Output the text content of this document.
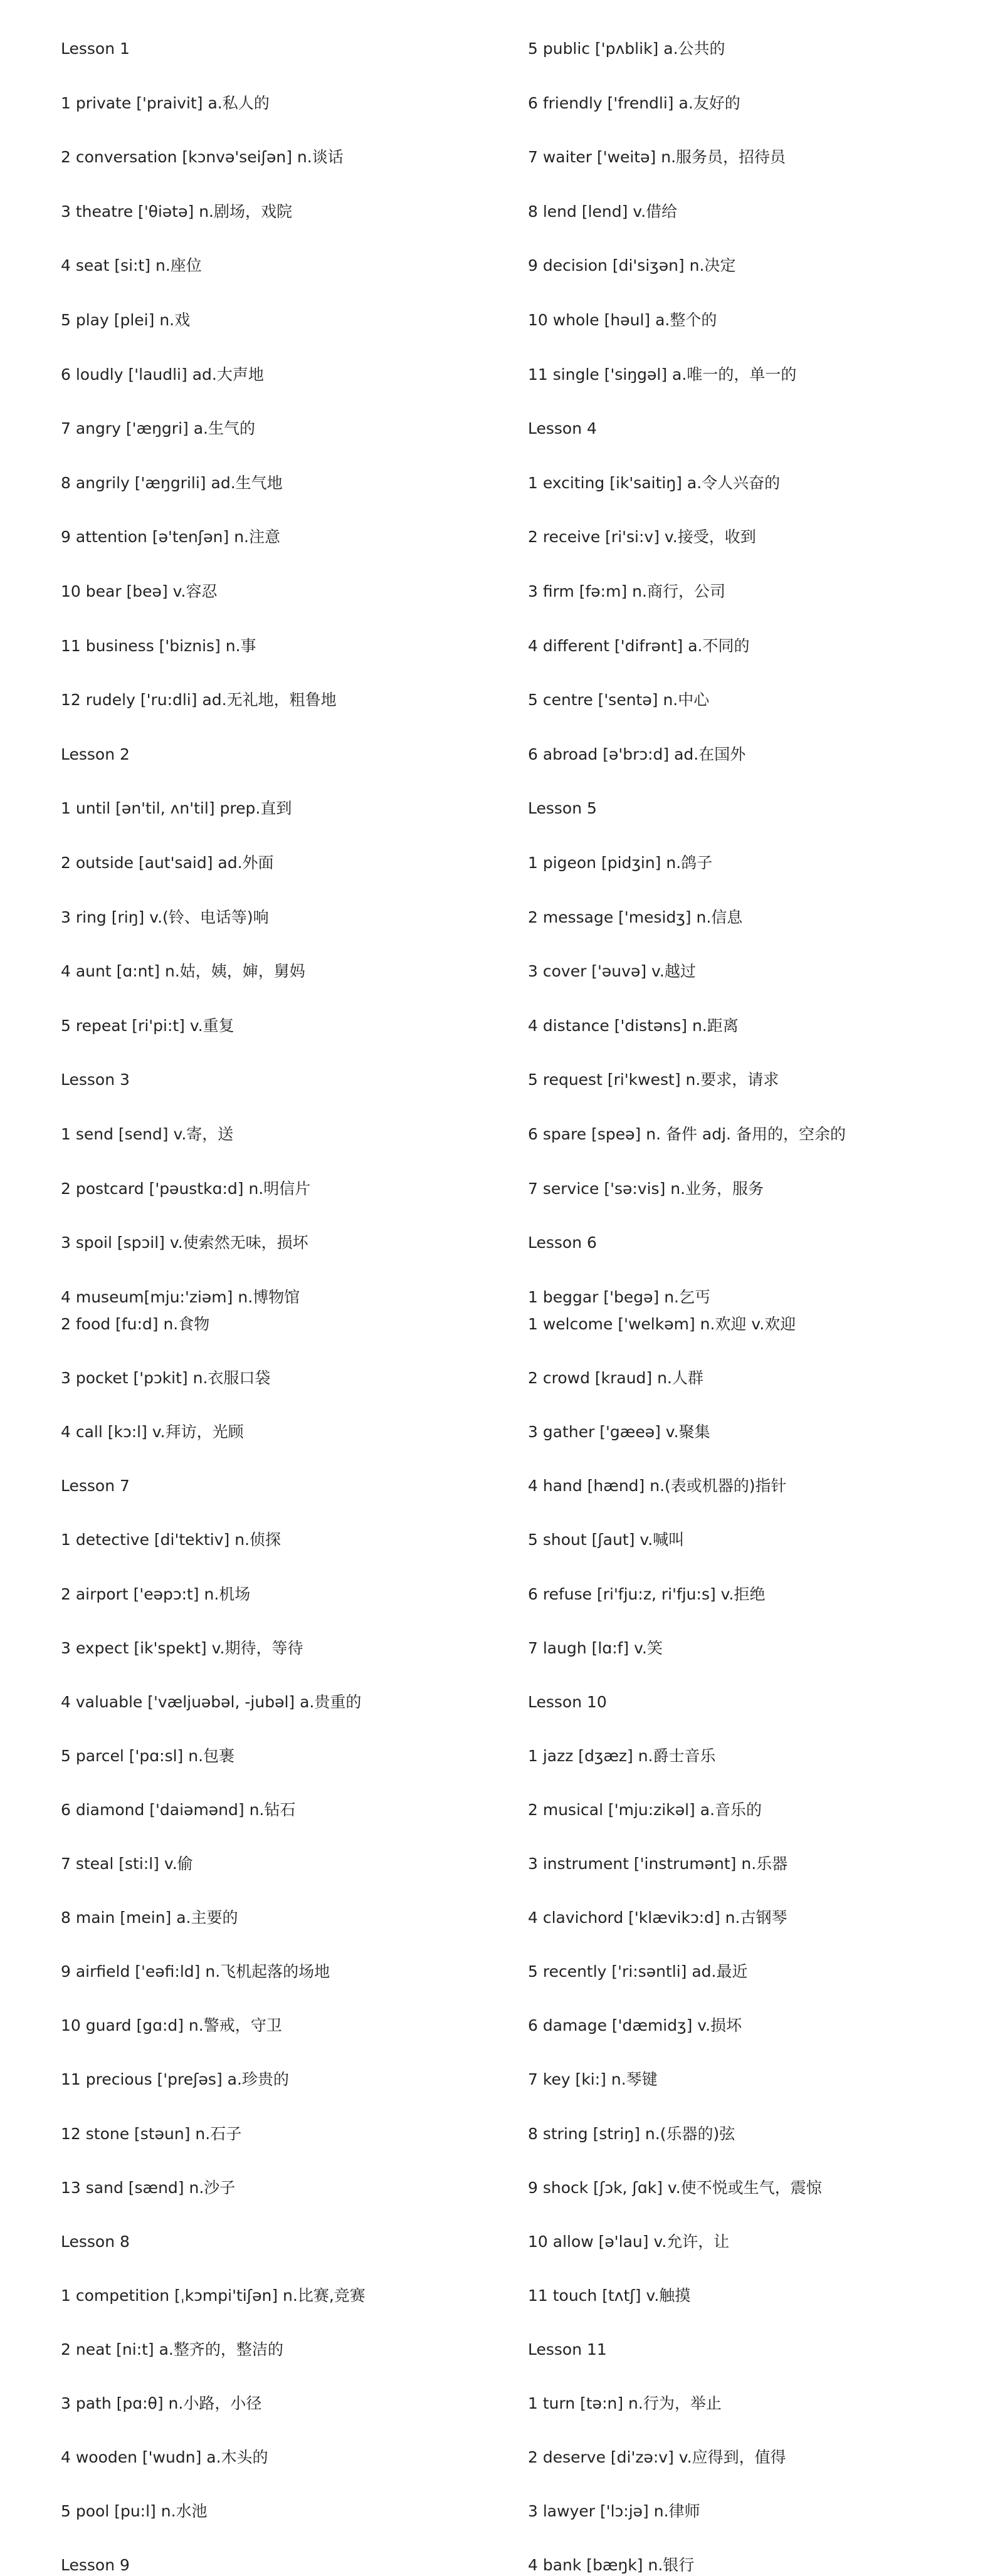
Lesson 1
1 private ['praivit] a.私人的
2 conversation [kɔnvə'seiʃən] n.谈话
3 theatre ['θiətə] n.剧场，戏院
4 seat [si:t] n.座位
5 play [plei] n.戏
6 loudly ['laudli] ad.大声地
7 angry ['æŋgri] a.生气的
8 angrily ['æŋgrili] ad.生气地
9 attention [ə'tenʃən] n.注意
10 bear [beə] v.容忍
11 business ['biznis] n.事
12 rudely ['ru:dli] ad.无礼地，粗鲁地
Lesson 2
1 until [ən'til, ʌn'til] prep.直到
2 outside [aut'said] ad.外面
3 ring [riŋ] v.(铃、电话等)响
4 aunt [ɑ:nt] n.姑，姨，婶，舅妈
5 repeat [ri'pi:t] v.重复
Lesson 3
1 send [send] v.寄，送
2 postcard ['pəustkɑ:d] n.明信片
3 spoil [spɔil] v.使索然无味，损坏
4 museum[mju:'ziəm] n.博物馆
2 food [fu:d] n.食物
3 pocket ['pɔkit] n.衣服口袋
4 call [kɔ:l] v.拜访，光顾
Lesson 7
1 detective [di'tektiv] n.侦探
2 airport ['eəpɔ:t] n.机场
3 expect [ik'spekt] v.期待，等待
4 valuable ['væljuəbəl, -jubəl] a.贵重的
5 parcel ['pɑ:sl] n.包裹
6 diamond ['daiəmənd] n.钻石
7 steal [sti:l] v.偷
8 main [mein] a.主要的
9 airfield ['eəfi:ld] n.飞机起落的场地
10 guard [gɑ:d] n.警戒，守卫
11 precious ['preʃəs] a.珍贵的
12 stone [stəun] n.石子
13 sand [sænd] n.沙子
Lesson 8
1 competition [ˌkɔmpi'tiʃən] n.比赛,竞赛
2 neat [ni:t] a.整齐的，整洁的
3 path [pɑ:θ] n.小路，小径
4 wooden ['wudn] a.木头的
5 pool [pu:l] n.水池
Lesson 9
5 public ['pʌblik] a.公共的
6 friendly ['frendli] a.友好的
7 waiter ['weitə] n.服务员，招待员
8 lend [lend] v.借给
9 decision [di'siʒən] n.决定
10 whole [həul] a.整个的
11 single ['siŋgəl] a.唯一的，单一的
Lesson 4
1 exciting [ik'saitiŋ] a.令人兴奋的
2 receive [ri'si:v] v.接受，收到
3 firm [fə:m] n.商行，公司
4 different ['difrənt] a.不同的
5 centre ['sentə] n.中心
6 abroad [ə'brɔ:d] ad.在国外
Lesson 5
1 pigeon [pidʒin] n.鸽子
2 message ['mesidʒ] n.信息
3 cover ['əuvə] v.越过
4 distance ['distəns] n.距离
5 request [ri'kwest] n.要求，请求
6 spare [speə] n. 备件 adj. 备用的，空余的
7 service ['sə:vis] n.业务，服务
Lesson 6
1 beggar ['begə] n.乞丐
1 welcome ['welkəm] n.欢迎 v.欢迎
2 crowd [kraud] n.人群
3 gather ['gæeə] v.聚集
4 hand [hænd] n.(表或机器的)指针
5 shout [ʃaut] v.喊叫
6 refuse [ri'fju:z, ri'fju:s] v.拒绝
7 laugh [lɑ:f] v.笑
Lesson 10
1 jazz [dʒæz] n.爵士音乐
2 musical ['mju:zikəl] a.音乐的
3 instrument ['instrumənt] n.乐器
4 clavichord ['klævikɔ:d] n.古钢琴
5 recently ['ri:səntli] ad.最近
6 damage ['dæmidʒ] v.损坏
7 key [ki:] n.琴键
8 string [striŋ] n.(乐器的)弦
9 shock [ʃɔk, ʃɑk] v.使不悦或生气，震惊
10 allow [ə'lau] v.允许，让
11 touch [tʌtʃ] v.触摸
Lesson 11
1 turn [tə:n] n.行为，举止
2 deserve [di'zə:v] v.应得到，值得
3 lawyer ['lɔ:jə] n.律师
4 bank [bæŋk] n.银行
